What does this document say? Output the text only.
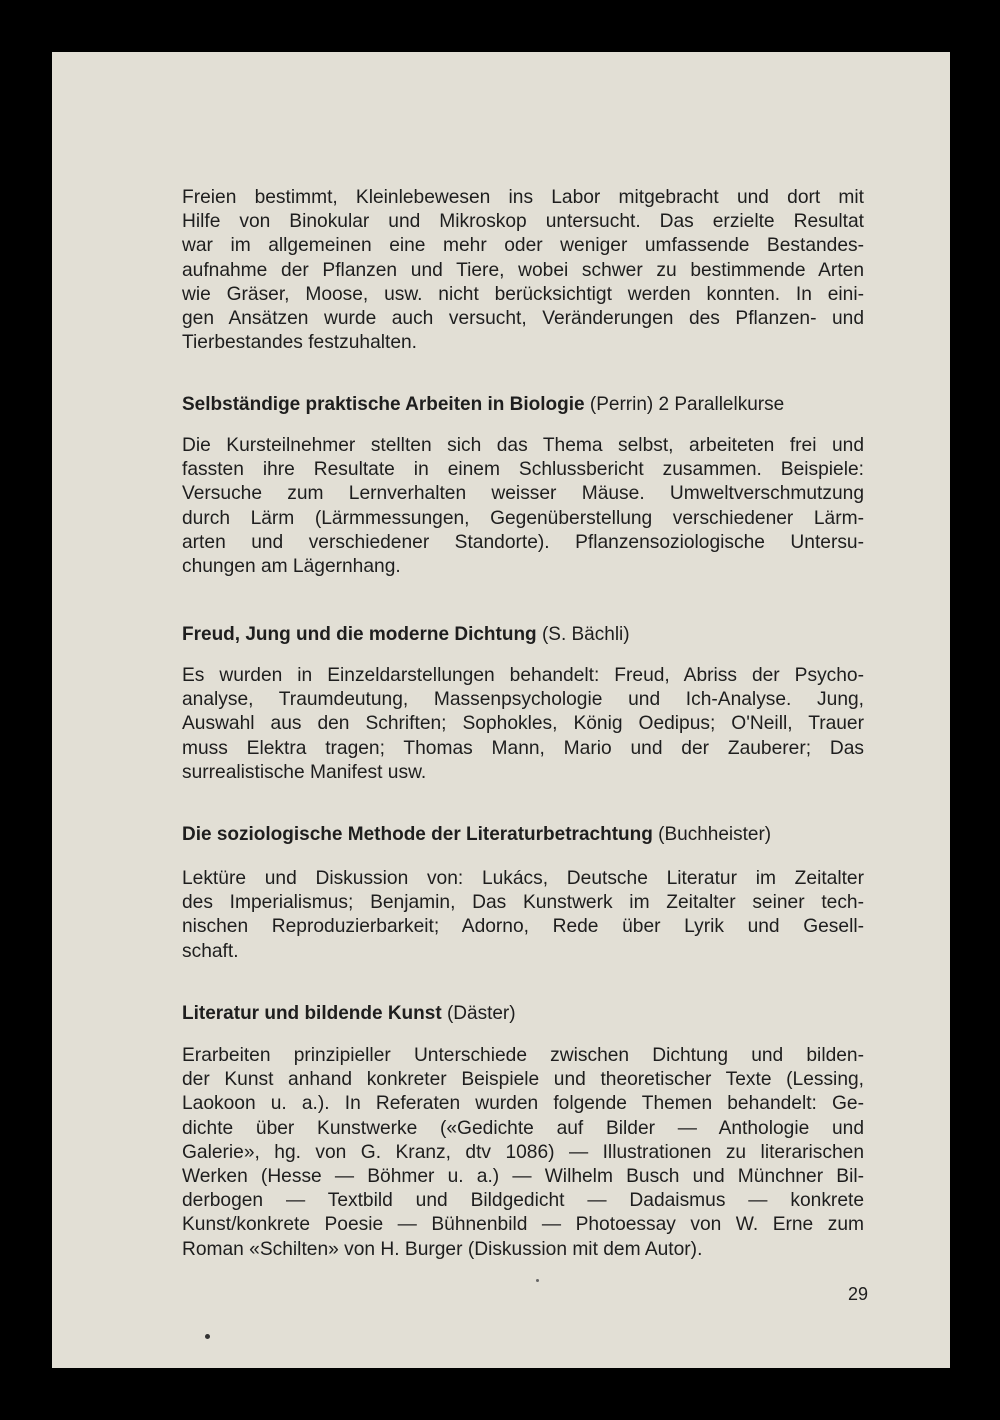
Freien bestimmt, Kleinlebewesen ins Labor mitgebracht und dort mit
Hilfe von Binokular und Mikroskop untersucht. Das erzielte Resultat
war im allgemeinen eine mehr oder weniger umfassende Bestandes-
aufnahme der Pflanzen und Tiere, wobei schwer zu bestimmende Arten
wie Gräser, Moose, usw. nicht berücksichtigt werden konnten. In eini-
gen Ansätzen wurde auch versucht, Veränderungen des Pflanzen- und
Tierbestandes festzuhalten.
Selbständige praktische Arbeiten in Biologie (Perrin) 2 Parallelkurse
Die Kursteilnehmer stellten sich das Thema selbst, arbeiteten frei und
fassten ihre Resultate in einem Schlussbericht zusammen. Beispiele:
Versuche zum Lernverhalten weisser Mäuse. Umweltverschmutzung
durch Lärm (Lärmmessungen, Gegenüberstellung verschiedener Lärm-
arten und verschiedener Standorte). Pflanzensoziologische Untersu-
chungen am Lägernhang.
Freud, Jung und die moderne Dichtung (S. Bächli)
Es wurden in Einzeldarstellungen behandelt: Freud, Abriss der Psycho-
analyse, Traumdeutung, Massenpsychologie und Ich-Analyse. Jung,
Auswahl aus den Schriften; Sophokles, König Oedipus; O'Neill, Trauer
muss Elektra tragen; Thomas Mann, Mario und der Zauberer; Das
surrealistische Manifest usw.
Die soziologische Methode der Literaturbetrachtung (Buchheister)
Lektüre und Diskussion von: Lukács, Deutsche Literatur im Zeitalter
des Imperialismus; Benjamin, Das Kunstwerk im Zeitalter seiner tech-
nischen Reproduzierbarkeit; Adorno, Rede über Lyrik und Gesell-
schaft.
Literatur und bildende Kunst (Däster)
Erarbeiten prinzipieller Unterschiede zwischen Dichtung und bilden-
der Kunst anhand konkreter Beispiele und theoretischer Texte (Lessing,
Laokoon u. a.). In Referaten wurden folgende Themen behandelt: Ge-
dichte über Kunstwerke («Gedichte auf Bilder — Anthologie und
Galerie», hg. von G. Kranz, dtv 1086) — Illustrationen zu literarischen
Werken (Hesse — Böhmer u. a.) — Wilhelm Busch und Münchner Bil-
derbogen — Textbild und Bildgedicht — Dadaismus — konkrete
Kunst/konkrete Poesie — Bühnenbild — Photoessay von W. Erne zum
Roman «Schilten» von H. Burger (Diskussion mit dem Autor).
29
